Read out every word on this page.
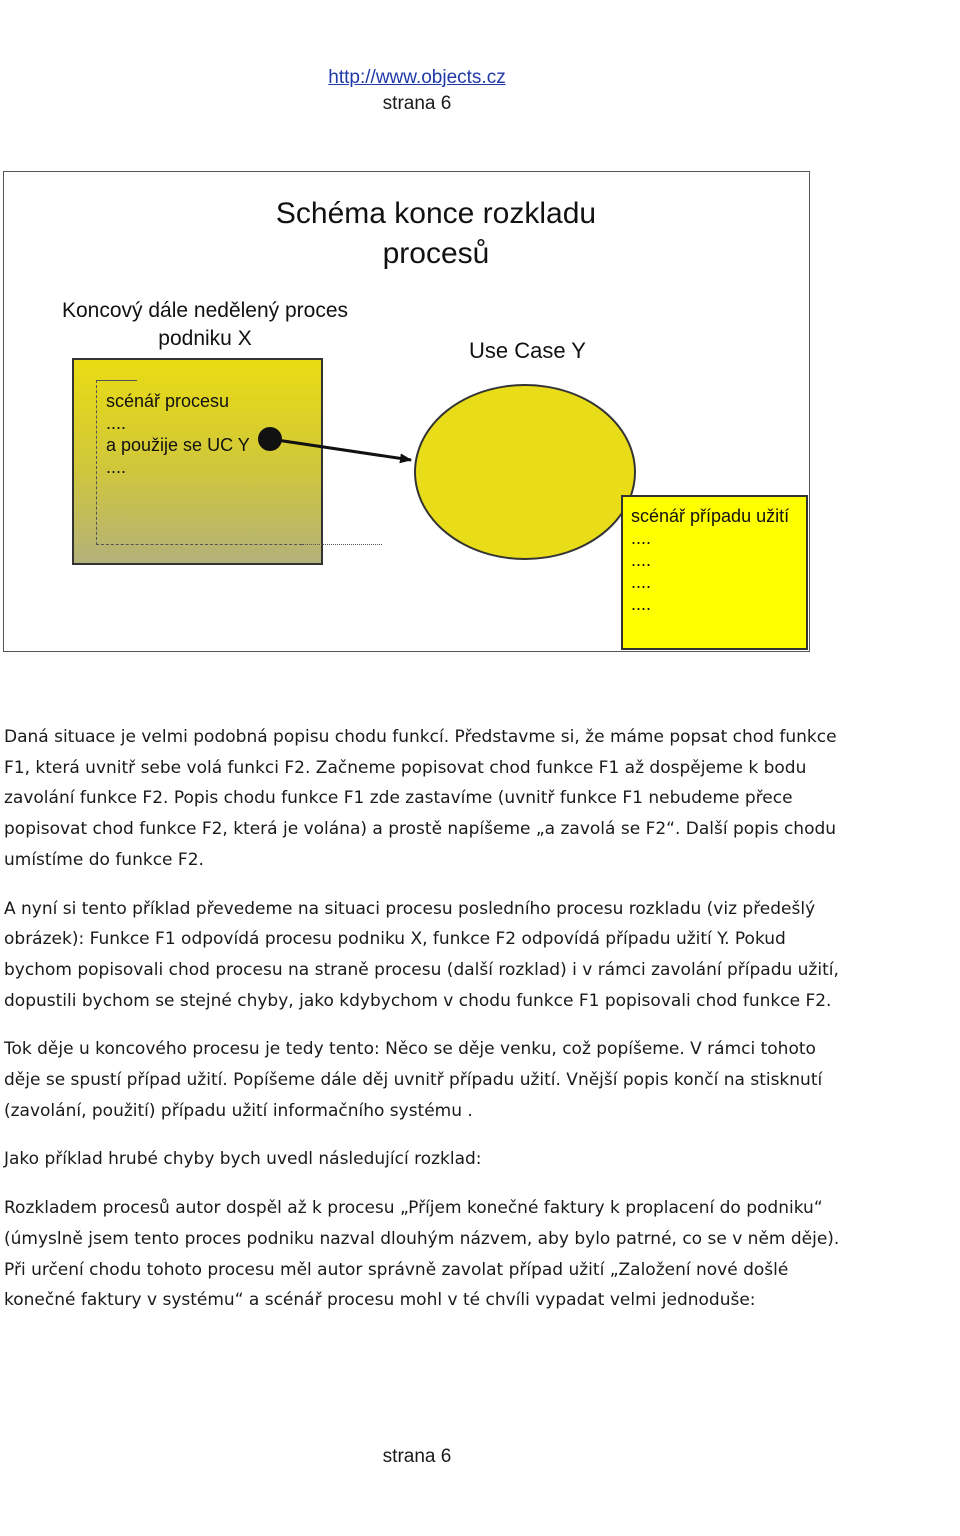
http://www.objects.cz
strana 6
Schéma konce rozkladu
procesů
Koncový dále nedělený proces
podniku X	Use Case Y
scénář procesu
....
a použije se UC Y
....
scénář případu užití
....
....
....
....

Daná situace je velmi podobná popisu chodu funkcí. Představme si, že máme popsat chod funkce F1, která uvnitř sebe volá funkci F2. Začneme popisovat chod funkce F1 až dospějeme k bodu zavolání funkce F2. Popis chodu funkce F1 zde zastavíme (uvnitř funkce F1 nebudeme přece popisovat chod funkce F2, která je volána) a prostě napíšeme „a zavolá se F2“. Další popis chodu umístíme do funkce F2.

A nyní si tento příklad převedeme na situaci procesu posledního procesu rozkladu (viz předešlý obrázek): Funkce F1 odpovídá procesu podniku X, funkce F2 odpovídá případu užití Y. Pokud bychom popisovali chod procesu na straně procesu (další rozklad) i v rámci zavolání případu užití, dopustili bychom se stejné chyby, jako kdybychom v chodu funkce F1 popisovali chod funkce F2.

Tok děje u koncového procesu je tedy tento: Něco se děje venku, což popíšeme. V rámci tohoto děje se spustí případ užití. Popíšeme dále děj uvnitř případu užití. Vnější popis končí na stisknutí (zavolání, použití) případu užití informačního systému .

Jako příklad hrubé chyby bych uvedl následující rozklad:

Rozkladem procesů autor dospěl až k procesu „Příjem konečné faktury k proplacení do podniku“ (úmyslně jsem tento proces podniku nazval dlouhým názvem, aby bylo patrné, co se v něm děje). Při určení chodu tohoto procesu měl autor správně zavolat případ užití „Založení nové došlé konečné faktury v systému“ a scénář procesu mohl v té chvíli vypadat velmi jednoduše:

strana 6
